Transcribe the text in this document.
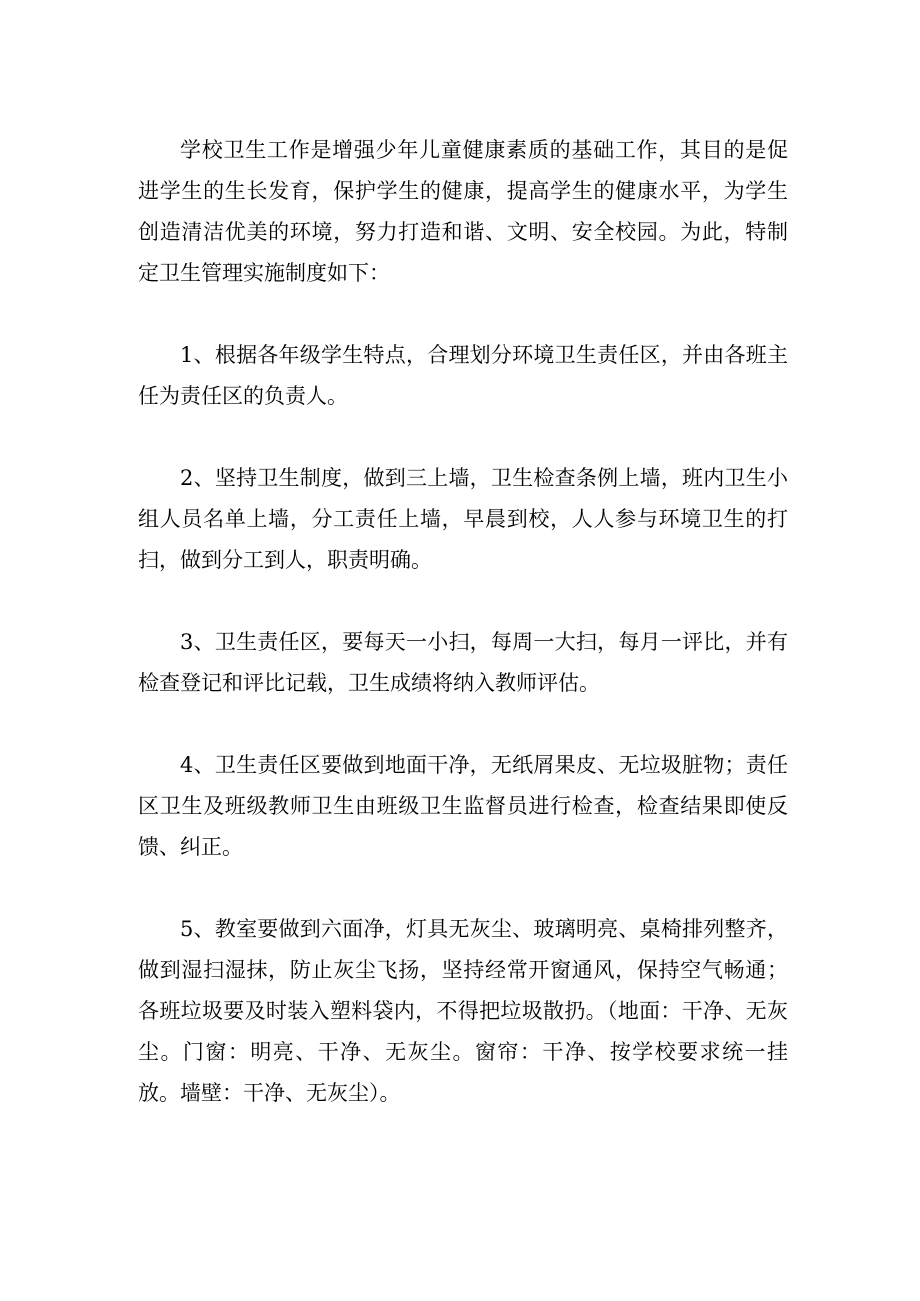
学校卫生工作是增强少年儿童健康素质的基础工作，其目的是促进学生的生长发育，保护学生的健康，提高学生的健康水平，为学生创造清洁优美的环境，努力打造和谐、文明、安全校园。为此，特制定卫生管理实施制度如下：

1、根据各年级学生特点，合理划分环境卫生责任区，并由各班主任为责任区的负责人。

2、坚持卫生制度，做到三上墙，卫生检查条例上墙，班内卫生小组人员名单上墙，分工责任上墙，早晨到校，人人参与环境卫生的打扫，做到分工到人，职责明确。

3、卫生责任区，要每天一小扫，每周一大扫，每月一评比，并有检查登记和评比记载，卫生成绩将纳入教师评估。

4、卫生责任区要做到地面干净，无纸屑果皮、无垃圾脏物；责任区卫生及班级教师卫生由班级卫生监督员进行检查，检查结果即使反馈、纠正。

5、教室要做到六面净，灯具无灰尘、玻璃明亮、桌椅排列整齐，做到湿扫湿抹，防止灰尘飞扬，坚持经常开窗通风，保持空气畅通；各班垃圾要及时装入塑料袋内，不得把垃圾散扔。（地面：干净、无灰尘。门窗：明亮、干净、无灰尘。窗帘：干净、按学校要求统一挂放。墙壁：干净、无灰尘）。
